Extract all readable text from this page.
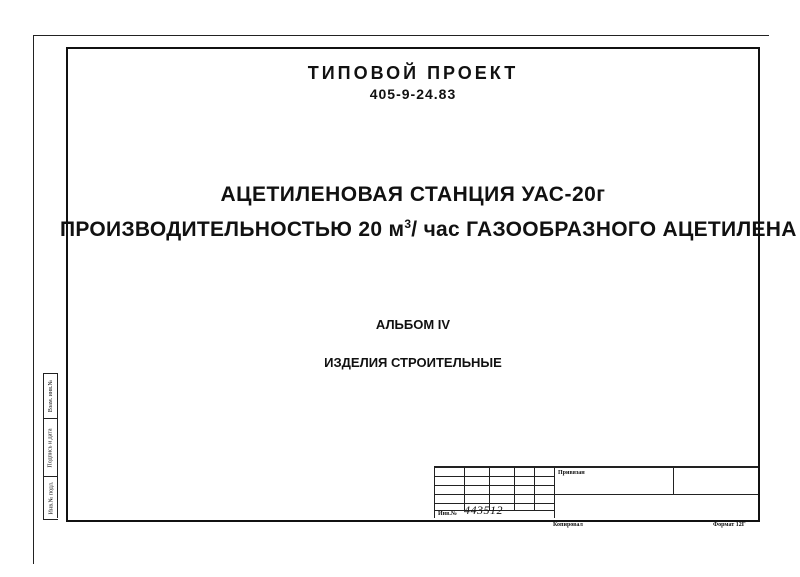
ТИПОВОЙ ПРОЕКТ
405-9-24.83
АЦЕТИЛЕНОВАЯ СТАНЦИЯ УАС-20г
ПРОИЗВОДИТЕЛЬНОСТЬЮ 20 $м^3/$ час ГАЗООБРАЗНОГО АЦЕТИЛЕНА
АЛЬБОМ IV
ИЗДЕЛИЯ СТРОИТЕЛЬНЫЕ
Взам. инв.№
Подпись и дата
Инв.№ подл.
Привязан
Инв.№ 443512
Копировал	Формат 12Г
